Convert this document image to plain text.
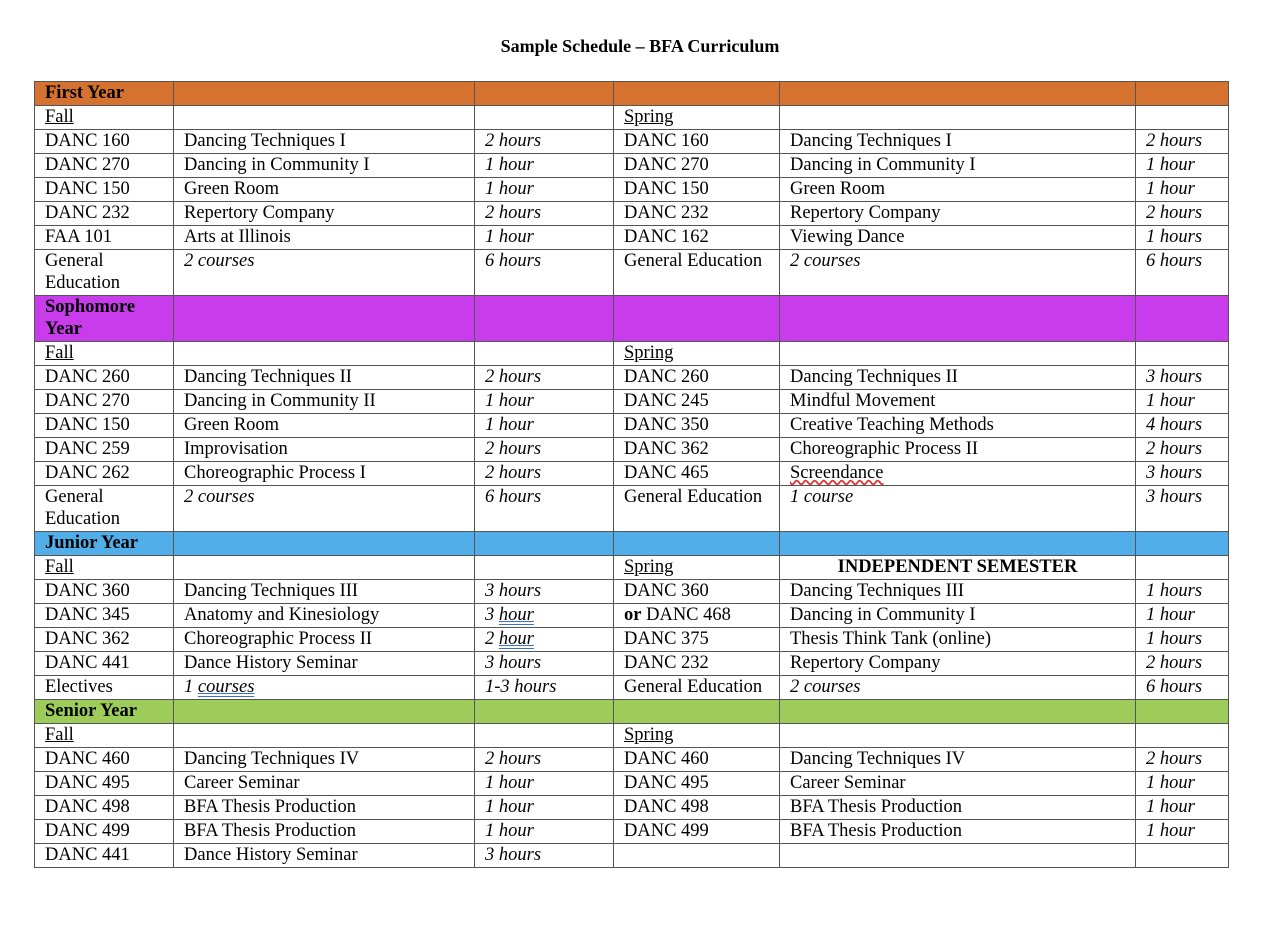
Sample Schedule – BFA Curriculum
First Year					
Fall			Spring		
DANC 160	Dancing Techniques I	2 hours	DANC 160	Dancing Techniques I	2 hours
DANC 270	Dancing in Community I	1 hour	DANC 270	Dancing in Community I	1 hour
DANC 150	Green Room	1 hour	DANC 150	Green Room	1 hour
DANC 232	Repertory Company	2 hours	DANC 232	Repertory Company	2 hours
FAA 101	Arts at Illinois	1 hour	DANC 162	Viewing Dance	1 hours
General Education	2 courses	6 hours	General Education	2 courses	6 hours
Sophomore Year					
Fall			Spring		
DANC 260	Dancing Techniques II	2 hours	DANC 260	Dancing Techniques II	3 hours
DANC 270	Dancing in Community II	1 hour	DANC 245	Mindful Movement	1 hour
DANC 150	Green Room	1 hour	DANC 350	Creative Teaching Methods	4 hours
DANC 259	Improvisation	2 hours	DANC 362	Choreographic Process II	2 hours
DANC 262	Choreographic Process I	2 hours	DANC 465	Screendance	3 hours
General Education	2 courses	6 hours	General Education	1 course	3 hours
Junior Year					
Fall			Spring	INDEPENDENT SEMESTER	
DANC 360	Dancing Techniques III	3 hours	DANC 360	Dancing Techniques III	1 hours
DANC 345	Anatomy and Kinesiology	3 hour	or DANC 468	Dancing in Community I	1 hour
DANC 362	Choreographic Process II	2 hour	DANC 375	Thesis Think Tank (online)	1 hours
DANC 441	Dance History Seminar	3 hours	DANC 232	Repertory Company	2 hours
Electives	1 courses	1-3 hours	General Education	2 courses	6 hours
Senior Year					
Fall			Spring		
DANC 460	Dancing Techniques IV	2 hours	DANC 460	Dancing Techniques IV	2 hours
DANC 495	Career Seminar	1 hour	DANC 495	Career Seminar	1 hour
DANC 498	BFA Thesis Production	1 hour	DANC 498	BFA Thesis Production	1 hour
DANC 499	BFA Thesis Production	1 hour	DANC 499	BFA Thesis Production	1 hour
DANC 441	Dance History Seminar	3 hours			
